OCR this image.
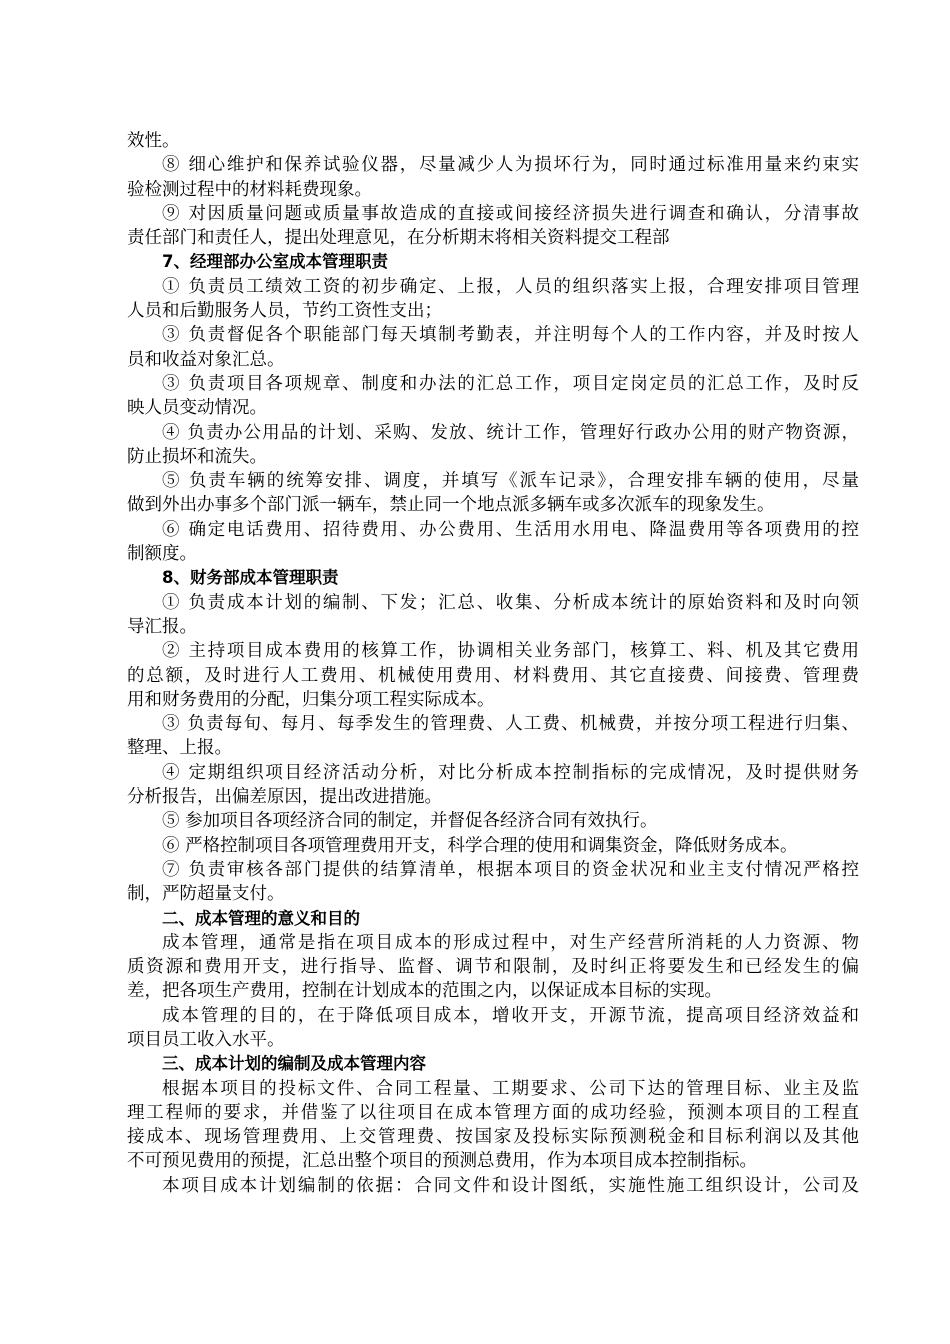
效性。
⑧ 细心维护和保养试验仪器，尽量减少人为损坏行为，同时通过标准用量来约束实
验检测过程中的材料耗费现象。
⑨ 对因质量问题或质量事故造成的直接或间接经济损失进行调查和确认，分清事故
责任部门和责任人，提出处理意见，在分析期末将相关资料提交工程部
7、经理部办公室成本管理职责
① 负责员工绩效工资的初步确定、上报，人员的组织落实上报，合理安排项目管理
人员和后勤服务人员，节约工资性支出；
③ 负责督促各个职能部门每天填制考勤表，并注明每个人的工作内容，并及时按人
员和收益对象汇总。
③ 负责项目各项规章、制度和办法的汇总工作，项目定岗定员的汇总工作，及时反
映人员变动情况。
④ 负责办公用品的计划、采购、发放、统计工作，管理好行政办公用的财产物资源，
防止损坏和流失。
⑤ 负责车辆的统筹安排、调度，并填写《派车记录》，合理安排车辆的使用，尽量
做到外出办事多个部门派一辆车，禁止同一个地点派多辆车或多次派车的现象发生。
⑥ 确定电话费用、招待费用、办公费用、生活用水用电、降温费用等各项费用的控
制额度。
8、财务部成本管理职责
① 负责成本计划的编制、下发；汇总、收集、分析成本统计的原始资料和及时向领
导汇报。
② 主持项目成本费用的核算工作，协调相关业务部门，核算工、料、机及其它费用
的总额，及时进行人工费用、机械使用费用、材料费用、其它直接费、间接费、管理费
用和财务费用的分配，归集分项工程实际成本。
③ 负责每旬、每月、每季发生的管理费、人工费、机械费，并按分项工程进行归集、
整理、上报。
④ 定期组织项目经济活动分析，对比分析成本控制指标的完成情况，及时提供财务
分析报告，出偏差原因，提出改进措施。
⑤ 参加项目各项经济合同的制定，并督促各经济合同有效执行。
⑥ 严格控制项目各项管理费用开支，科学合理的使用和调集资金，降低财务成本。
⑦ 负责审核各部门提供的结算清单，根据本项目的资金状况和业主支付情况严格控
制，严防超量支付。
二、成本管理的意义和目的
成本管理，通常是指在项目成本的形成过程中，对生产经营所消耗的人力资源、物
质资源和费用开支，进行指导、监督、调节和限制，及时纠正将要发生和已经发生的偏
差，把各项生产费用，控制在计划成本的范围之内，以保证成本目标的实现。
成本管理的目的，在于降低项目成本，增收开支，开源节流，提高项目经济效益和
项目员工收入水平。
三、成本计划的编制及成本管理内容
根据本项目的投标文件、合同工程量、工期要求、公司下达的管理目标、业主及监
理工程师的要求，并借鉴了以往项目在成本管理方面的成功经验，预测本项目的工程直
接成本、现场管理费用、上交管理费、按国家及投标实际预测税金和目标利润以及其他
不可预见费用的预提，汇总出整个项目的预测总费用，作为本项目成本控制指标。
本项目成本计划编制的依据：合同文件和设计图纸，实施性施工组织设计，公司及
